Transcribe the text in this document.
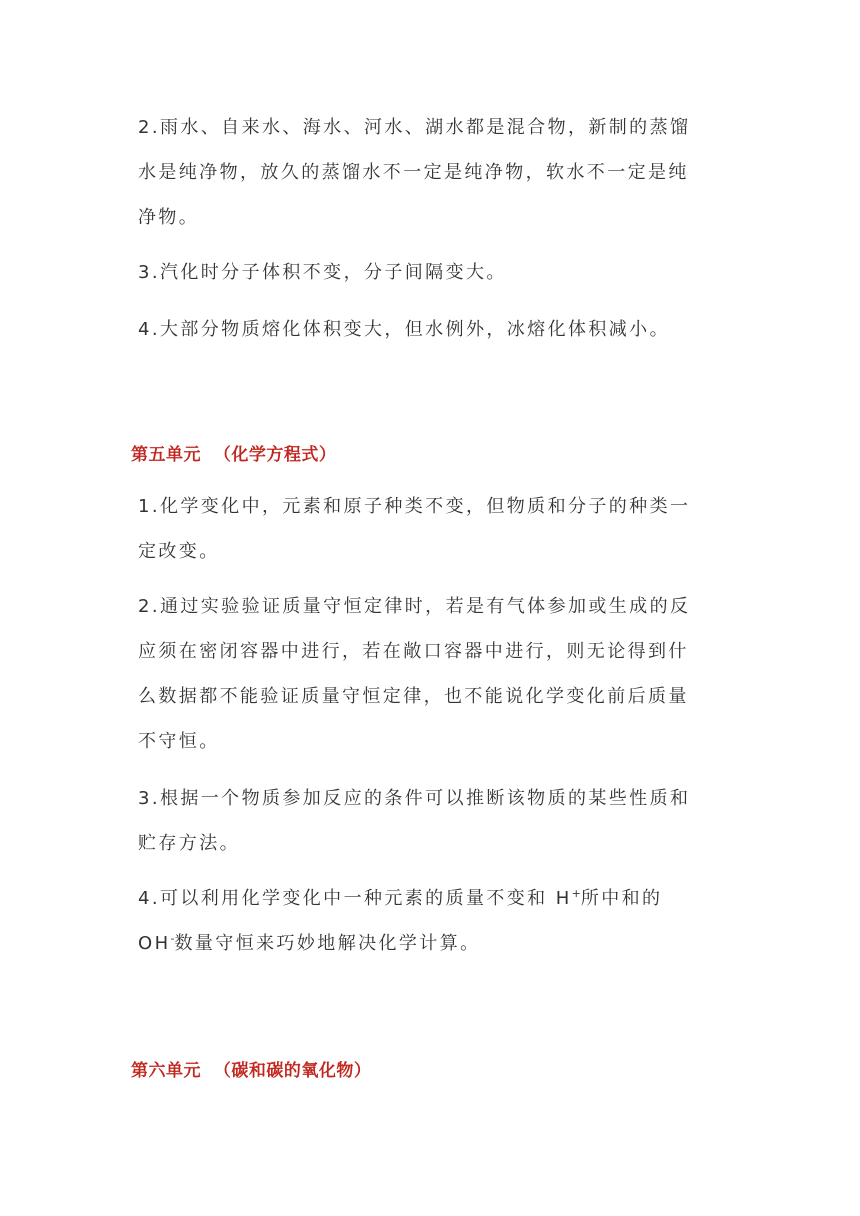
2.雨水、自来水、海水、河水、湖水都是混合物，新制的蒸馏
水是纯净物，放久的蒸馏水不一定是纯净物，软水不一定是纯
净物。
3.汽化时分子体积不变，分子间隔变大。
4.大部分物质熔化体积变大，但水例外，冰熔化体积减小。
第五单元  （化学方程式）
1.化学变化中，元素和原子种类不变，但物质和分子的种类一
定改变。
2.通过实验验证质量守恒定律时，若是有气体参加或生成的反
应须在密闭容器中进行，若在敞口容器中进行，则无论得到什
么数据都不能验证质量守恒定律，也不能说化学变化前后质量
不守恒。
3.根据一个物质参加反应的条件可以推断该物质的某些性质和
贮存方法。
4.可以利用化学变化中一种元素的质量不变和 H+所中和的
OH-数量守恒来巧妙地解决化学计算。
第六单元  （碳和碳的氧化物）
